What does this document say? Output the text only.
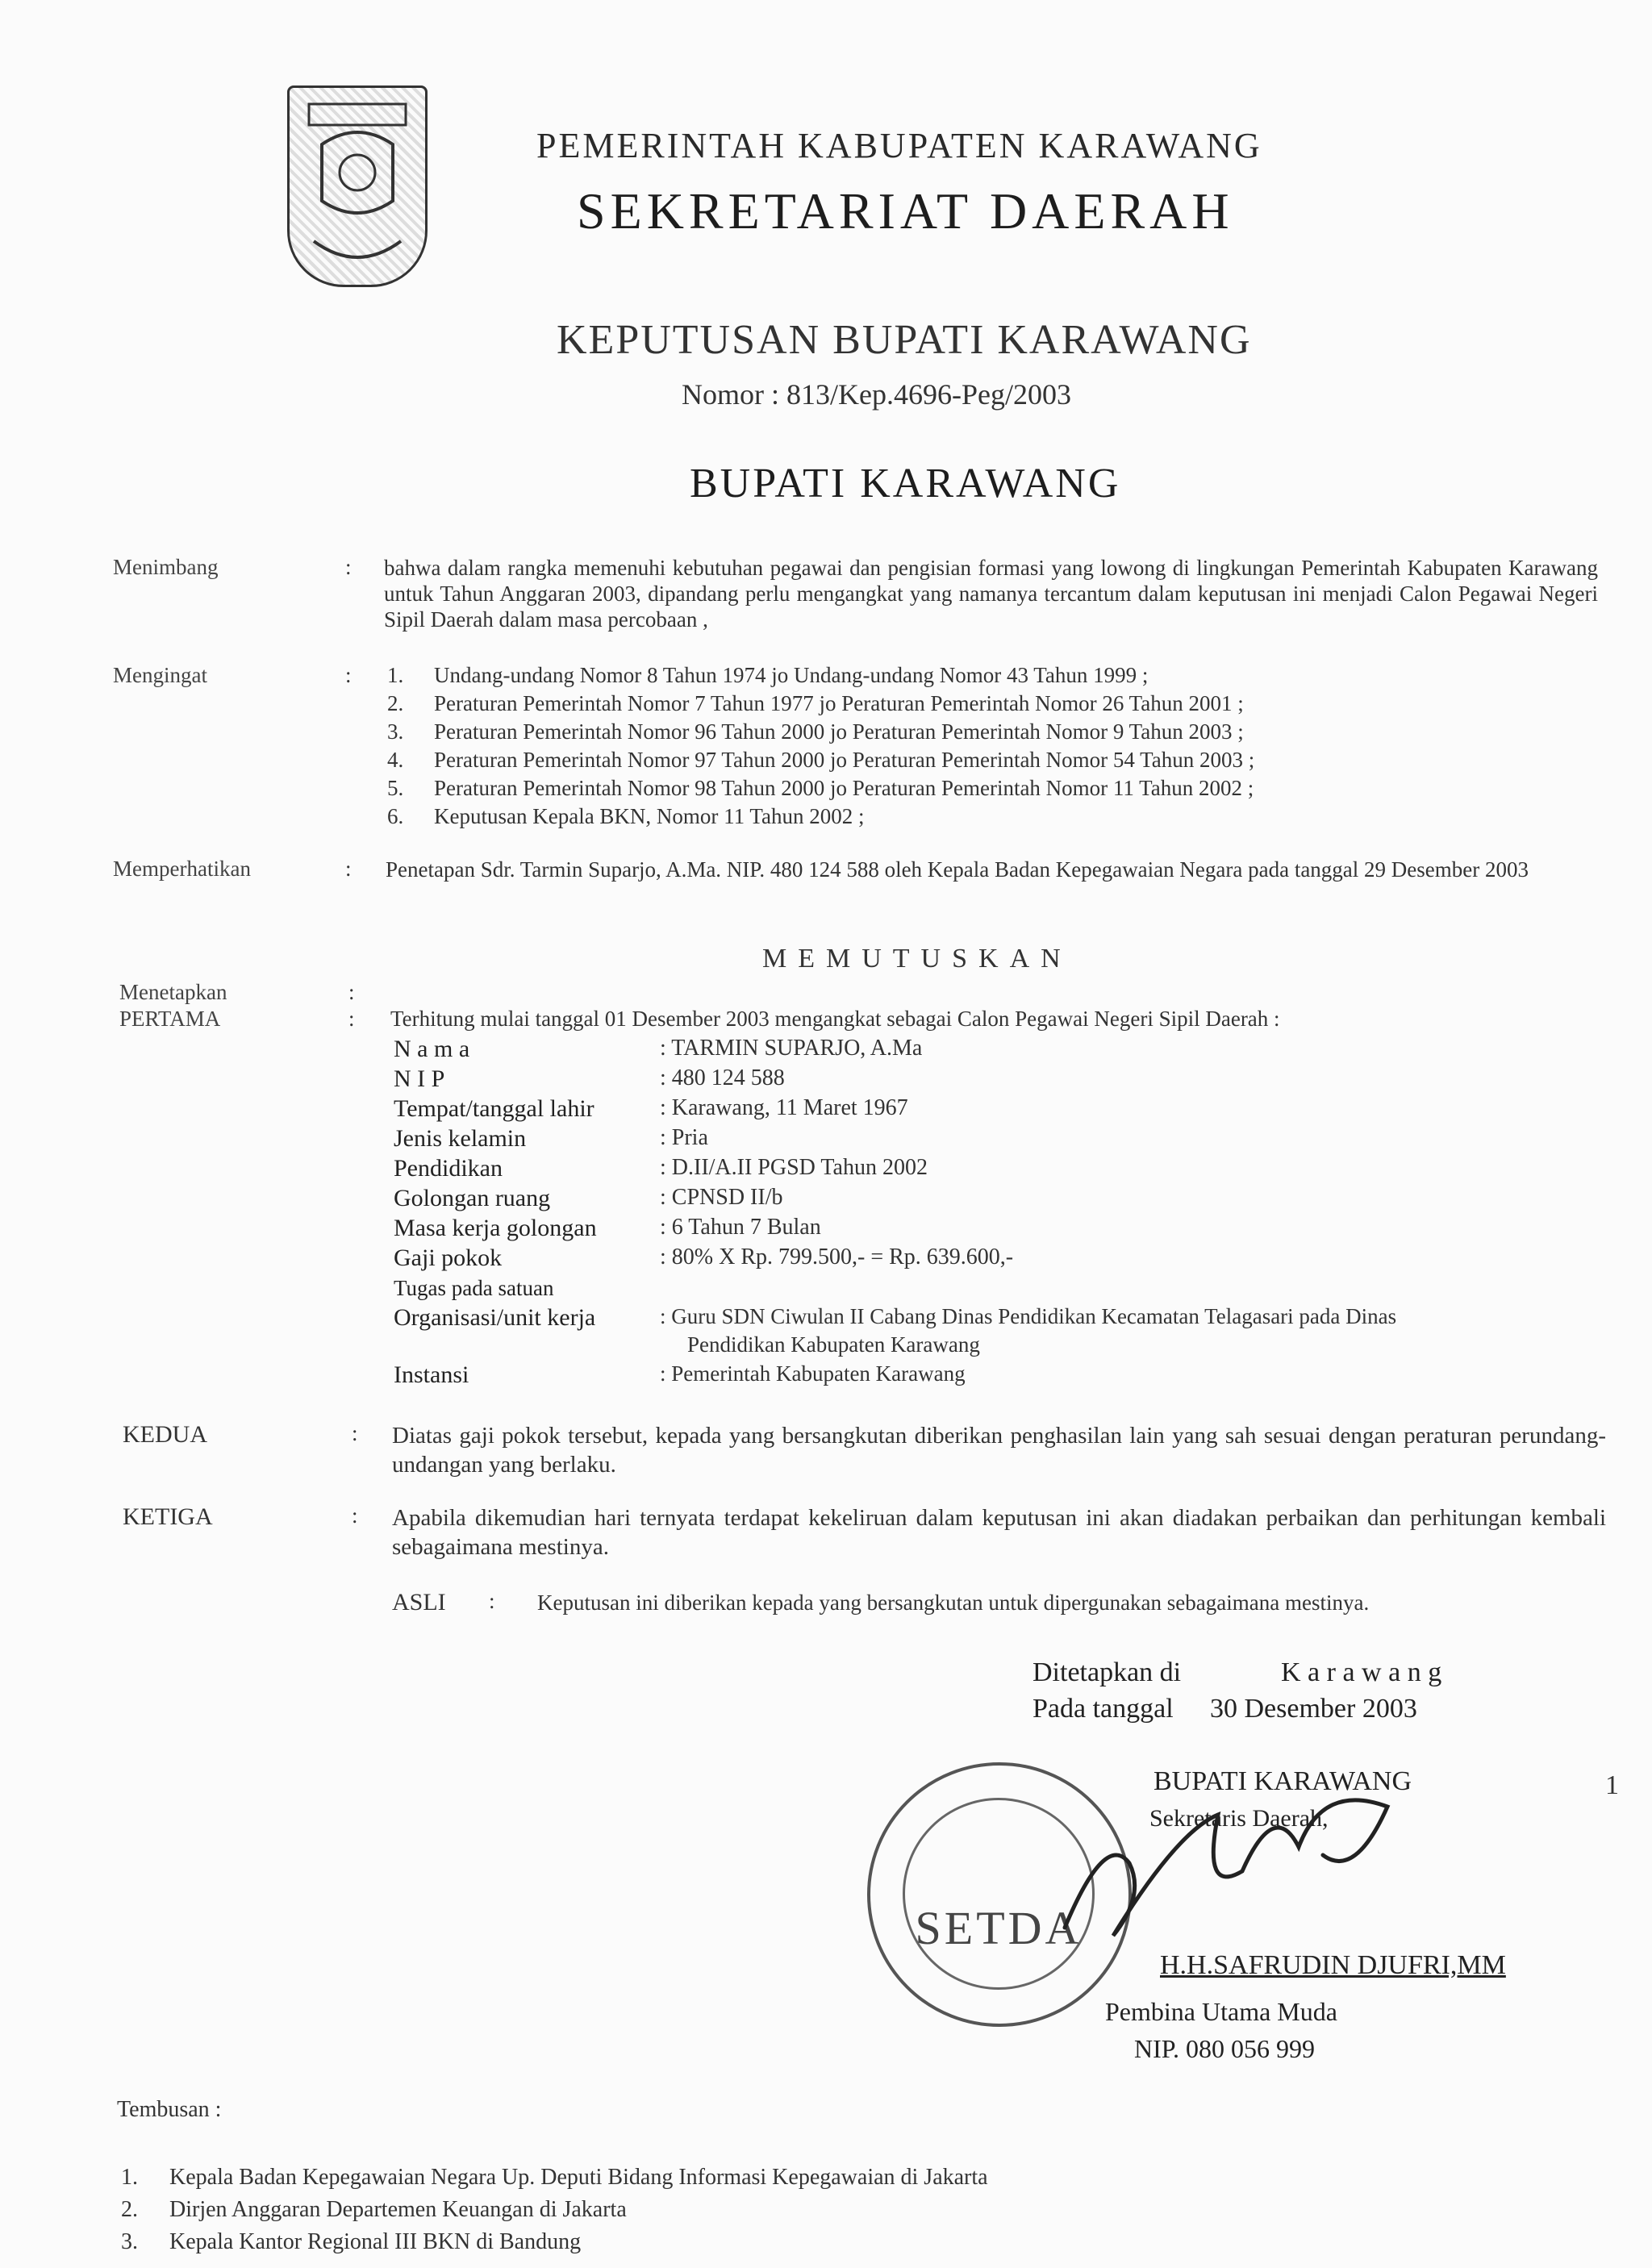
PEMERINTAH KABUPATEN KARAWANG
SEKRETARIAT DAERAH
KEPUTUSAN BUPATI KARAWANG
Nomor : 813/Kep.4696-Peg/2003
BUPATI KARAWANG
Menimbang	: bahwa dalam rangka memenuhi kebutuhan pegawai dan pengisian formasi yang lowong di lingkungan Pemerintah Kabupaten Karawang untuk Tahun Anggaran 2003, dipandang perlu mengangkat yang namanya tercantum dalam keputusan ini menjadi Calon Pegawai Negeri Sipil Daerah dalam masa percobaan ,
Mengingat	: 1. Undang-undang Nomor 8 Tahun 1974 jo Undang-undang Nomor 43 Tahun 1999 ;
2. Peraturan Pemerintah Nomor 7 Tahun 1977 jo Peraturan Pemerintah Nomor 26 Tahun 2001 ;
3. Peraturan Pemerintah Nomor 96 Tahun 2000 jo Peraturan Pemerintah Nomor 9 Tahun 2003 ;
4. Peraturan Pemerintah Nomor 97 Tahun 2000 jo Peraturan Pemerintah Nomor 54 Tahun 2003 ;
5. Peraturan Pemerintah Nomor 98 Tahun 2000 jo Peraturan Pemerintah Nomor 11 Tahun 2002 ;
6. Keputusan Kepala BKN, Nomor 11 Tahun 2002 ;
Memperhatikan	: Penetapan Sdr. Tarmin Suparjo, A.Ma. NIP. 480 124 588 oleh Kepala Badan Kepegawaian Negara pada tanggal 29 Desember 2003
MEMUTUSKAN
Menetapkan	:
PERTAMA	: Terhitung mulai tanggal 01 Desember 2003 mengangkat sebagai Calon Pegawai Negeri Sipil Daerah :
N a m a	: TARMIN SUPARJO, A.Ma
N I P	: 480 124 588
Tempat/tanggal lahir	: Karawang, 11 Maret 1967
Jenis kelamin	: Pria
Pendidikan	: D.II/A.II PGSD Tahun 2002
Golongan ruang	: CPNSD II/b
Masa kerja golongan	: 6 Tahun 7 Bulan
Gaji pokok	: 80% X Rp. 799.500,- = Rp. 639.600,-
Tugas pada satuan
Organisasi/unit kerja	: Guru SDN Ciwulan II Cabang Dinas Pendidikan Kecamatan Telagasari pada Dinas
Pendidikan Kabupaten Karawang
Instansi	: Pemerintah Kabupaten Karawang
KEDUA	: Diatas gaji pokok tersebut, kepada yang bersangkutan diberikan penghasilan lain yang sah sesuai dengan peraturan perundang-undangan yang berlaku.
KETIGA	: Apabila dikemudian hari ternyata terdapat kekeliruan dalam keputusan ini akan diadakan perbaikan dan perhitungan kembali sebagaimana mestinya.
ASLI : Keputusan ini diberikan kepada yang bersangkutan untuk dipergunakan sebagaimana mestinya.
Ditetapkan di	K a r a w a n g
Pada tanggal 30 Desember 2003
BUPATI KARAWANG
Sekretaris Daerah,
SETDA
H.H.SAFRUDIN DJUFRI,MM
Pembina Utama Muda
NIP. 080 056 999
1
Tembusan :
1. Kepala Badan Kepegawaian Negara Up. Deputi Bidang Informasi Kepegawaian di Jakarta
2. Dirjen Anggaran Departemen Keuangan di Jakarta
3. Kepala Kantor Regional III BKN di Bandung
